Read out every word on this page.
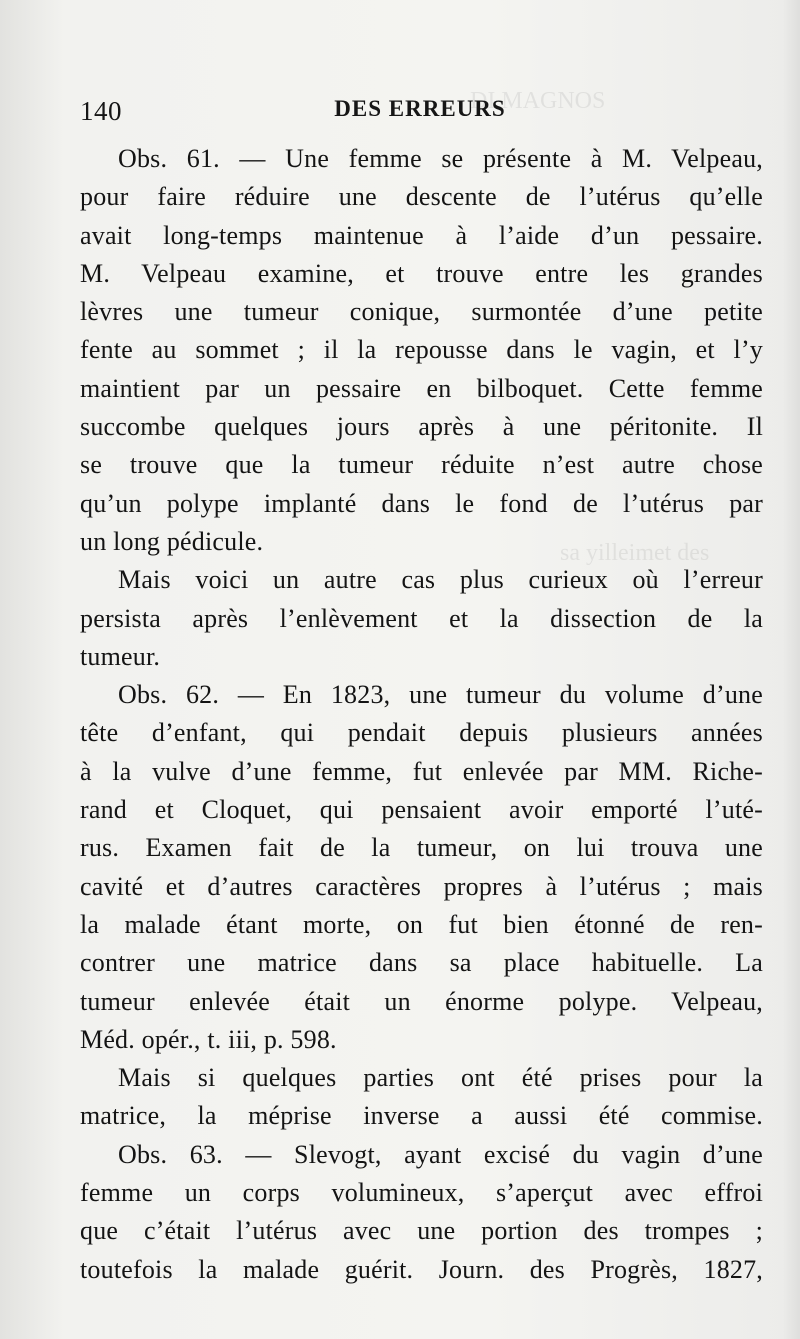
DI MAGNOS
sa yilleimet des
140	DES ERREURS
Obs. 61. — Une femme se présente à M. Velpeau,
pour faire réduire une descente de l’utérus qu’elle
avait long-temps maintenue à l’aide d’un pessaire.
M. Velpeau examine, et trouve entre les grandes
lèvres une tumeur conique, surmontée d’une petite
fente au sommet ; il la repousse dans le vagin, et l’y
maintient par un pessaire en bilboquet. Cette femme
succombe quelques jours après à une péritonite. Il
se trouve que la tumeur réduite n’est autre chose
qu’un polype implanté dans le fond de l’utérus par
un long pédicule.
Mais voici un autre cas plus curieux où l’erreur
persista après l’enlèvement et la dissection de la
tumeur.
Obs. 62. — En 1823, une tumeur du volume d’une
tête d’enfant, qui pendait depuis plusieurs années
à la vulve d’une femme, fut enlevée par MM. Riche-
rand et Cloquet, qui pensaient avoir emporté l’uté-
rus. Examen fait de la tumeur, on lui trouva une
cavité et d’autres caractères propres à l’utérus ; mais
la malade étant morte, on fut bien étonné de ren-
contrer une matrice dans sa place habituelle. La
tumeur enlevée était un énorme polype. Velpeau,
Méd. opér., t. iii, p. 598.
Mais si quelques parties ont été prises pour la
matrice, la méprise inverse a aussi été commise.
Obs. 63. — Slevogt, ayant excisé du vagin d’une
femme un corps volumineux, s’aperçut avec effroi
que c’était l’utérus avec une portion des trompes ;
toutefois la malade guérit. Journ. des Progrès, 1827,
